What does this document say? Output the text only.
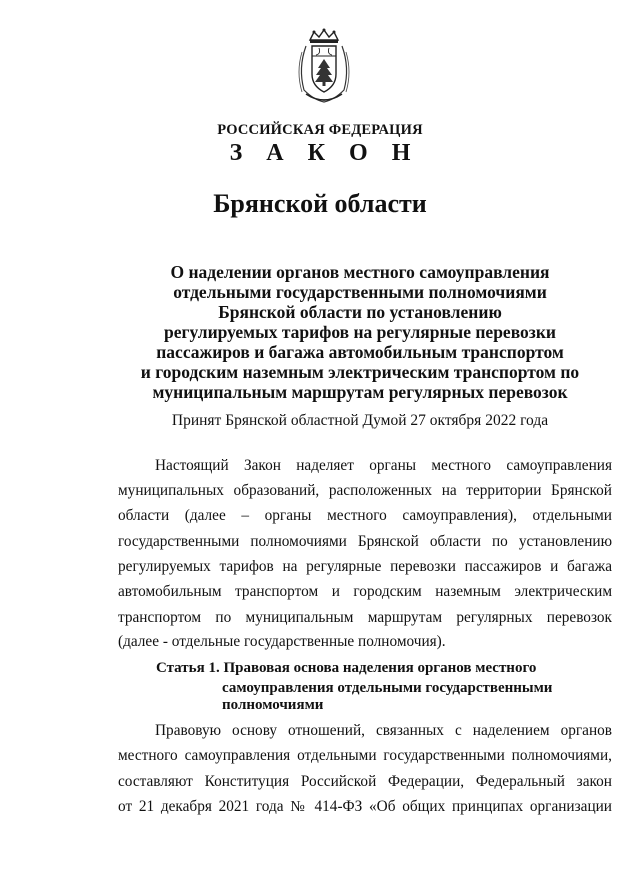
РОССИЙСКАЯ ФЕДЕРАЦИЯ
З А К О Н
Брянской области
О наделении органов местного самоуправления
отдельными государственными полномочиями
Брянской области по установлению
регулируемых тарифов на регулярные перевозки
пассажиров и багажа автомобильным транспортом
и городским наземным электрическим транспортом по
муниципальным маршрутам регулярных перевозок
Принят Брянской областной Думой 27 октября 2022 года
Настоящий Закон наделяет органы местного самоуправления
муниципальных образований, расположенных на территории Брянской
области (далее – органы местного самоуправления), отдельными
государственными полномочиями Брянской области по установлению
регулируемых тарифов на регулярные перевозки пассажиров и багажа
автомобильным транспортом и городским наземным электрическим
транспортом по муниципальным маршрутам регулярных перевозок
(далее - отдельные государственные полномочия).
Статья 1. Правовая основа наделения органов местного
самоуправления отдельными государственными
полномочиями
Правовую основу отношений, связанных с наделением органов
местного самоуправления отдельными государственными полномочиями,
составляют Конституция Российской Федерации, Федеральный закон
от 21 декабря 2021 года № 414-ФЗ «Об общих принципах организации
